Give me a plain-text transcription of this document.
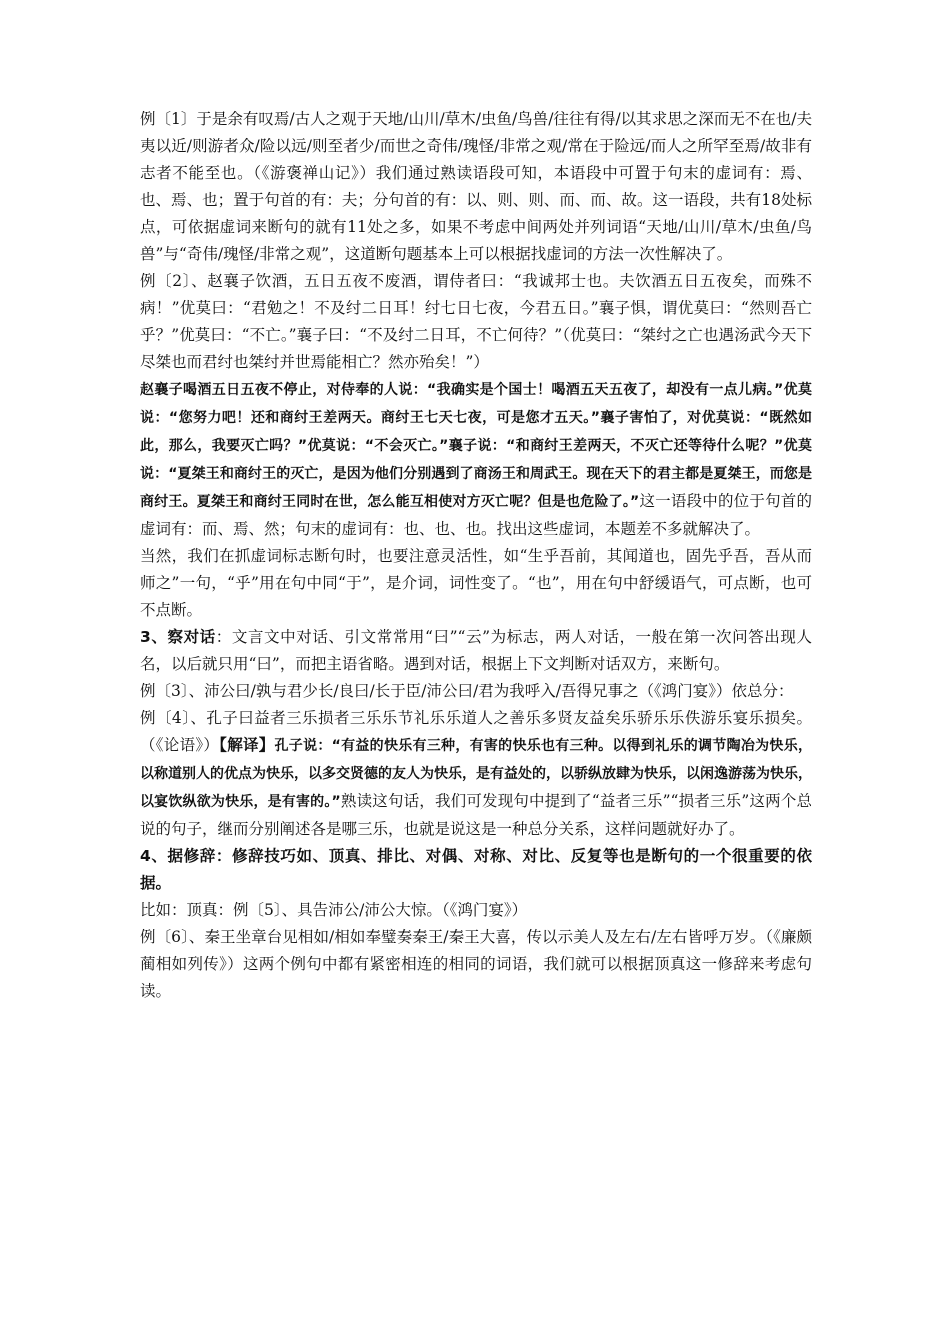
例〔1〕于是余有叹焉/古人之观于天地/山川/草木/虫鱼/鸟兽/往往有得/以其求思之深而无不在也/夫夷以近/则游者众/险以远/则至者少/而世之奇伟/瑰怪/非常之观/常在于险远/而人之所罕至焉/故非有志者不能至也。（《游褒禅山记》）我们通过熟读语段可知，本语段中可置于句末的虚词有：焉、也、焉、也；置于句首的有：夫；分句首的有：以、则、则、而、而、故。这一语段，共有18处标点，可依据虚词来断句的就有11处之多，如果不考虑中间两处并列词语“天地/山川/草木/虫鱼/鸟兽”与“奇伟/瑰怪/非常之观”，这道断句题基本上可以根据找虚词的方法一次性解决了。

例〔2〕、赵襄子饮酒，五日五夜不废酒，谓侍者曰：“我诚邦士也。夫饮酒五日五夜矣，而殊不病！”优莫曰：“君勉之！不及纣二日耳！纣七日七夜，今君五日。”襄子惧，谓优莫曰：“然则吾亡乎？”优莫曰：“不亡。”襄子曰：“不及纣二日耳，不亡何待？”（优莫曰：“桀纣之亡也遇汤武今天下尽桀也而君纣也桀纣并世焉能相亡？然亦殆矣！”）

赵襄子喝酒五日五夜不停止，对侍奉的人说：“我确实是个国士！喝酒五天五夜了，却没有一点儿病。”优莫说：“您努力吧！还和商纣王差两天。商纣王七天七夜，可是您才五天。”襄子害怕了，对优莫说：“既然如此，那么，我要灭亡吗？”优莫说：“不会灭亡。”襄子说：“和商纣王差两天，不灭亡还等待什么呢？”优莫说：“夏桀王和商纣王的灭亡，是因为他们分别遇到了商汤王和周武王。现在天下的君主都是夏桀王，而您是商纣王。夏桀王和商纣王同时在世，怎么能互相使对方灭亡呢？但是也危险了。”这一语段中的位于句首的虚词有：而、焉、然；句末的虚词有：也、也、也。找出这些虚词，本题差不多就解决了。

当然，我们在抓虚词标志断句时，也要注意灵活性，如“生乎吾前，其闻道也，固先乎吾，吾从而师之”一句，“乎”用在句中同“于”，是介词，词性变了。“也”，用在句中舒缓语气，可点断，也可不点断。

3、察对话：文言文中对话、引文常常用“曰”“云”为标志，两人对话，一般在第一次问答出现人名，以后就只用“曰”，而把主语省略。遇到对话，根据上下文判断对话双方，来断句。

例〔3〕、沛公曰/孰与君少长/良曰/长于臣/沛公曰/君为我呼入/吾得兄事之（《鸿门宴》）依总分：

例〔4〕、孔子曰益者三乐损者三乐乐节礼乐乐道人之善乐多贤友益矣乐骄乐乐佚游乐宴乐损矣。（《论语》）【解译】孔子说：“有益的快乐有三种，有害的快乐也有三种。以得到礼乐的调节陶冶为快乐，以称道别人的优点为快乐，以多交贤德的友人为快乐，是有益处的，以骄纵放肆为快乐，以闲逸游荡为快乐，以宴饮纵欲为快乐，是有害的。”熟读这句话，我们可发现句中提到了“益者三乐”“损者三乐”这两个总说的句子，继而分别阐述各是哪三乐，也就是说这是一种总分关系，这样问题就好办了。

4、据修辞：修辞技巧如、顶真、排比、对偶、对称、对比、反复等也是断句的一个很重要的依据。

比如：顶真：例〔5〕、具告沛公/沛公大惊。（《鸿门宴》）

例〔6〕、秦王坐章台见相如/相如奉璧奏秦王/秦王大喜，传以示美人及左右/左右皆呼万岁。（《廉颇蔺相如列传》）这两个例句中都有紧密相连的相同的词语，我们就可以根据顶真这一修辞来考虑句读。
